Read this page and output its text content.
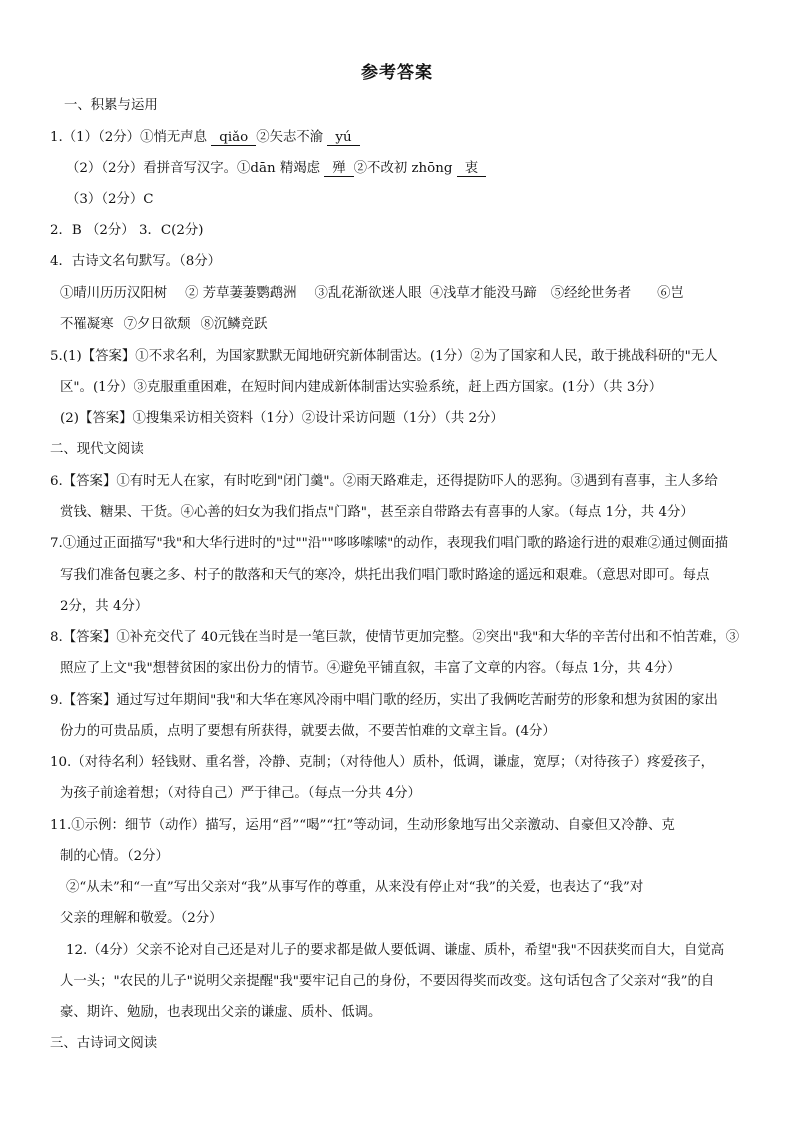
参考答案
一、积累与运用
1.（1）（2分）①悄无声息 qiǎo ②矢志不渝 yú
（2）（2分）看拼音写汉字。①dān 精竭虑 殚 ②不改初 zhōng 衷
（3）（2分）C
2．B （2分） 3．C(2分)
4．古诗文名句默写。（8分）
①晴川历历汉阳树 ② 芳草萋萋鹦鹉洲 ③乱花渐欲迷人眼 ④浅草才能没马蹄 ⑤经纶世务者 ⑥岂
不罹凝寒 ⑦夕日欲颓 ⑧沉鳞竞跃
5.(1)【答案】①不求名利，为国家默默无闻地研究新体制雷达。(1分）②为了国家和人民，敢于挑战科研的"无人
区"。(1分）③克服重重困难，在短时间内建成新体制雷达实验系统，赶上西方国家。(1分）（共 3分）
(2)【答案】①搜集采访相关资料（1分）②设计采访问题（1分）（共 2分）
二、现代文阅读
6.【答案】①有时无人在家，有时吃到"闭门羹"。②雨天路难走，还得提防吓人的恶狗。③遇到有喜事，主人多给
赏钱、糖果、干货。④心善的妇女为我们指点"门路"，甚至亲自带路去有喜事的人家。（每点 1分，共 4分）
7.①通过正面描写"我"和大华行进时的"过""沿""哆哆嗦嗦"的动作，表现我们唱门歌的路途行进的艰难②通过侧面描
写我们准备包裹之多、村子的散落和天气的寒冷，烘托出我们唱门歌时路途的遥远和艰难。（意思对即可。每点
2分，共 4分）
8.【答案】①补充交代了 40元钱在当时是一笔巨款，使情节更加完整。②突出"我"和大华的辛苦付出和不怕苦难，③
照应了上文"我"想替贫困的家出份力的情节。④避免平铺直叙，丰富了文章的内容。（每点 1分，共 4分）
9.【答案】通过写过年期间"我"和大华在寒风冷雨中唱门歌的经历，实出了我俩吃苦耐劳的形象和想为贫困的家出
份力的可贵品质，点明了要想有所获得，就要去做，不要苦怕难的文章主旨。(4分）
10.（对待名利）轻钱财、重名誉，冷静、克制；（对待他人）质朴，低调，谦虚，宽厚；（对待孩子）疼爱孩子，
为孩子前途着想；（对待自己）严于律己。（每点一分共 4分）
11.①示例：细节（动作）描写，运用“舀”“喝”“扛”等动词，生动形象地写出父亲激动、自豪但又冷静、克
制的心情。（2分）
②“从未”和“一直”写出父亲对“我”从事写作的尊重，从来没有停止对“我”的关爱，也表达了“我”对
父亲的理解和敬爱。（2分）
12.（4分）父亲不论对自己还是对儿子的要求都是做人要低调、谦虚、质朴，希望"我"不因获奖而自大，自觉高
人一头；"农民的儿子"说明父亲提醒"我"要牢记自己的身份，不要因得奖而改变。这句话包含了父亲对“我”的自
豪、期许、勉励，也表现出父亲的谦虚、质朴、低调。
三、古诗词文阅读
